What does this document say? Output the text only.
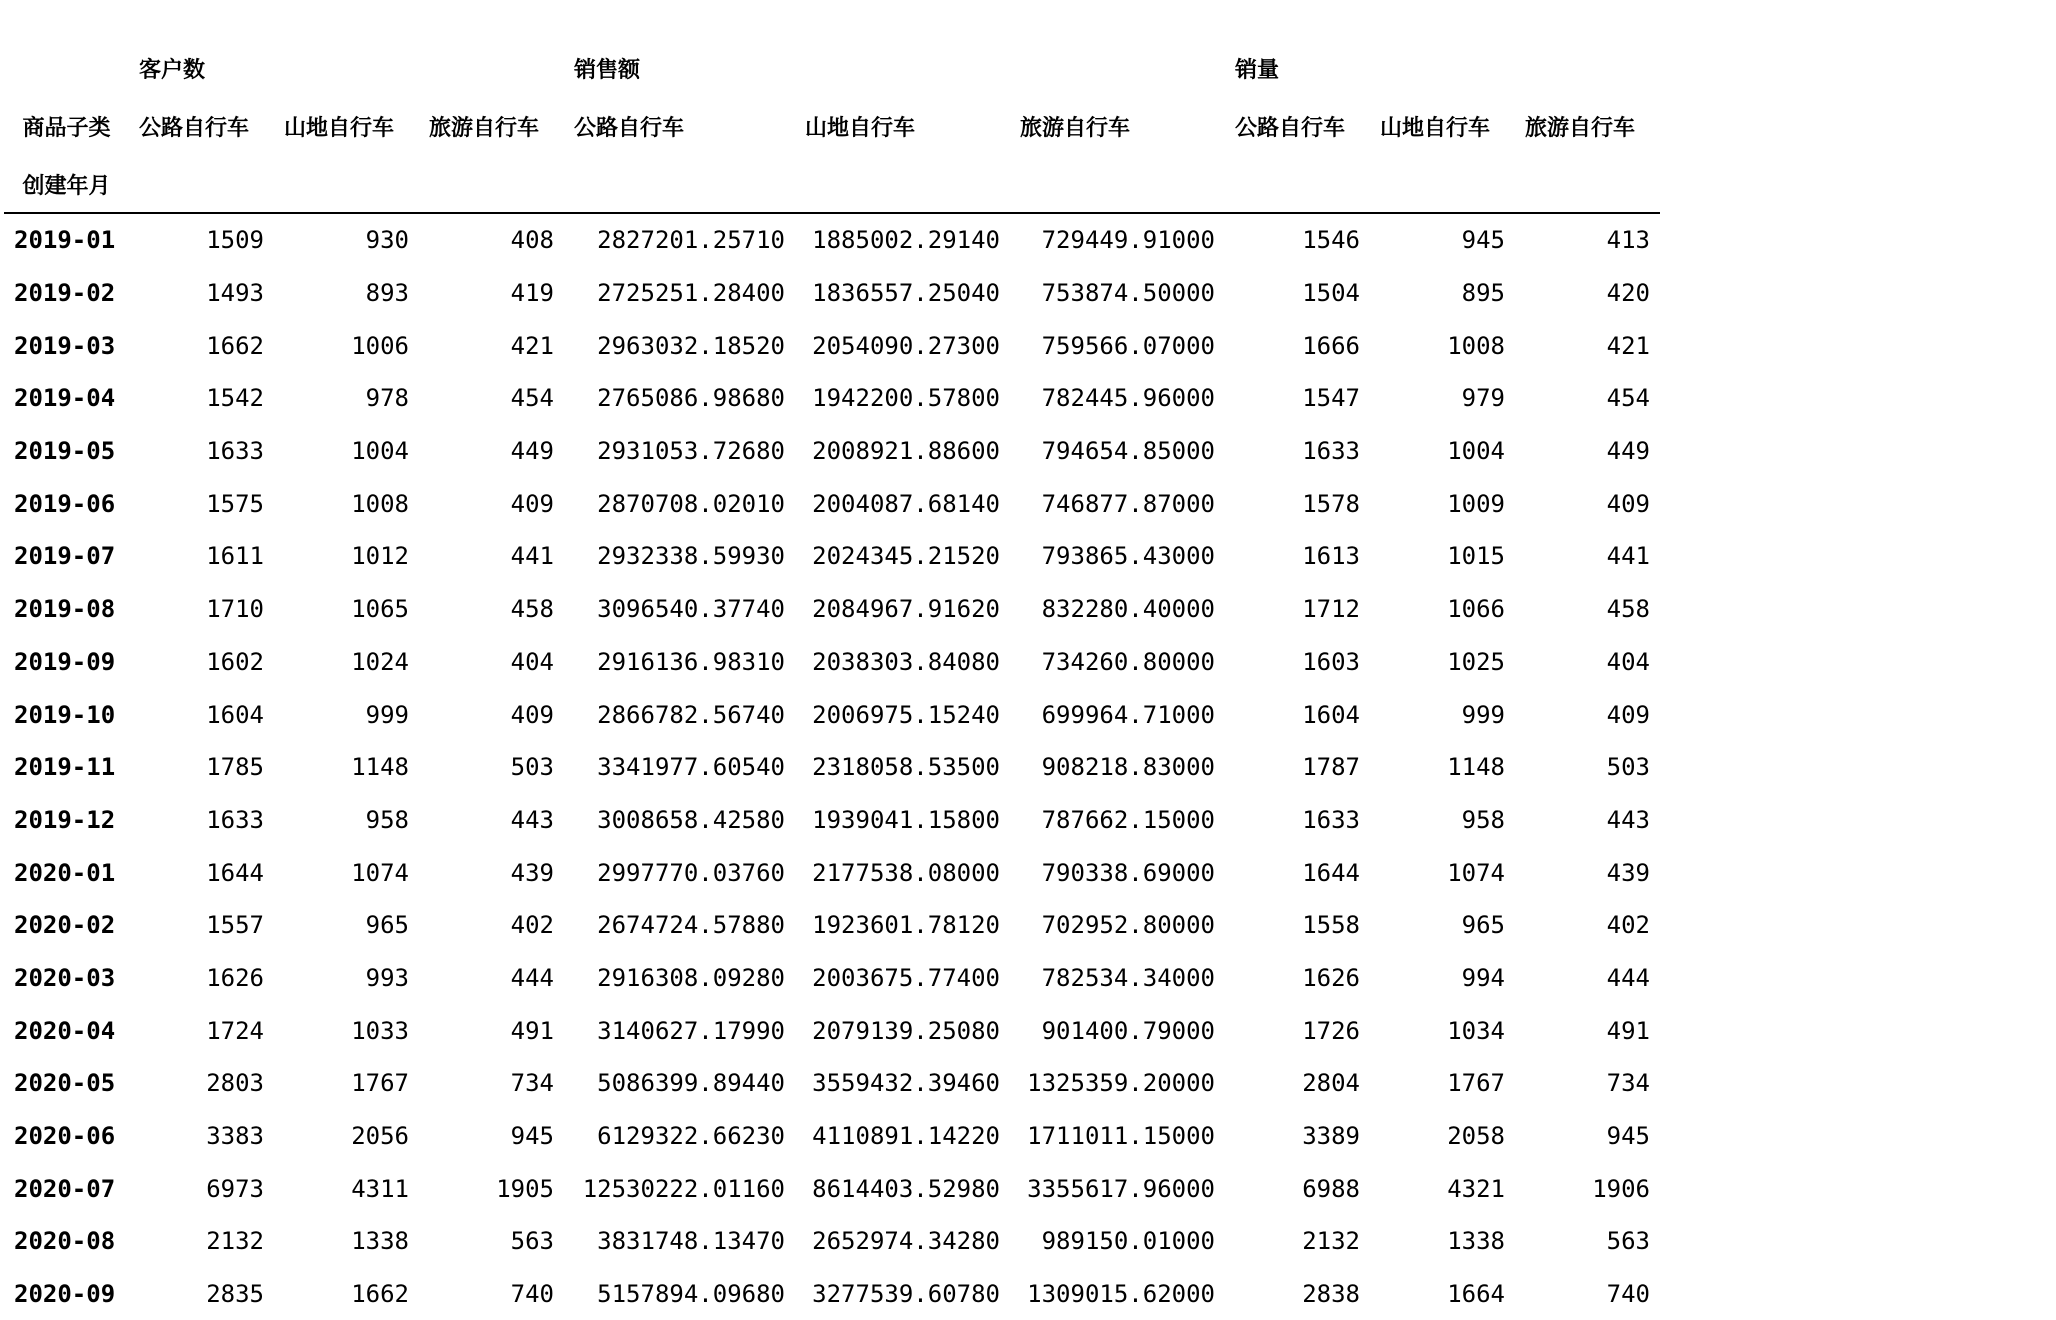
	客户数			销售额			销量		
商品子类	公路自行车	山地自行车	旅游自行车	公路自行车	山地自行车	旅游自行车	公路自行车	山地自行车	旅游自行车
创建年月									
2019-01	1509	930	408	2827201.25710	1885002.29140	729449.91000	1546	945	413
2019-02	1493	893	419	2725251.28400	1836557.25040	753874.50000	1504	895	420
2019-03	1662	1006	421	2963032.18520	2054090.27300	759566.07000	1666	1008	421
2019-04	1542	978	454	2765086.98680	1942200.57800	782445.96000	1547	979	454
2019-05	1633	1004	449	2931053.72680	2008921.88600	794654.85000	1633	1004	449
2019-06	1575	1008	409	2870708.02010	2004087.68140	746877.87000	1578	1009	409
2019-07	1611	1012	441	2932338.59930	2024345.21520	793865.43000	1613	1015	441
2019-08	1710	1065	458	3096540.37740	2084967.91620	832280.40000	1712	1066	458
2019-09	1602	1024	404	2916136.98310	2038303.84080	734260.80000	1603	1025	404
2019-10	1604	999	409	2866782.56740	2006975.15240	699964.71000	1604	999	409
2019-11	1785	1148	503	3341977.60540	2318058.53500	908218.83000	1787	1148	503
2019-12	1633	958	443	3008658.42580	1939041.15800	787662.15000	1633	958	443
2020-01	1644	1074	439	2997770.03760	2177538.08000	790338.69000	1644	1074	439
2020-02	1557	965	402	2674724.57880	1923601.78120	702952.80000	1558	965	402
2020-03	1626	993	444	2916308.09280	2003675.77400	782534.34000	1626	994	444
2020-04	1724	1033	491	3140627.17990	2079139.25080	901400.79000	1726	1034	491
2020-05	2803	1767	734	5086399.89440	3559432.39460	1325359.20000	2804	1767	734
2020-06	3383	2056	945	6129322.66230	4110891.14220	1711011.15000	3389	2058	945
2020-07	6973	4311	1905	12530222.01160	8614403.52980	3355617.96000	6988	4321	1906
2020-08	2132	1338	563	3831748.13470	2652974.34280	989150.01000	2132	1338	563
2020-09	2835	1662	740	5157894.09680	3277539.60780	1309015.62000	2838	1664	740
